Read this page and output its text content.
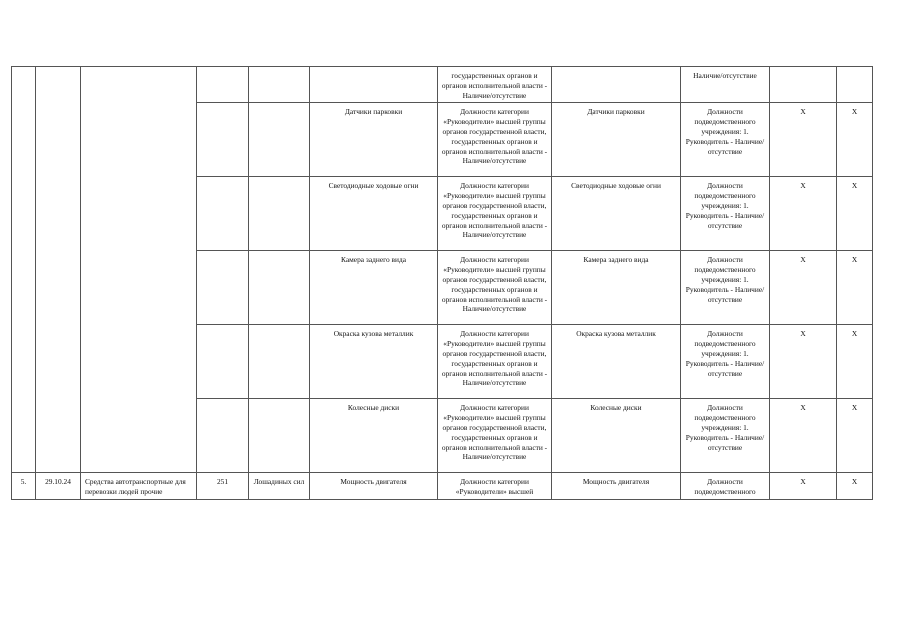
						государственных органов и органов исполнительной власти - Наличие/отсутствие		Наличие/отсутствие		
					Датчики парковки	Должности категории «Руководители» высшей группы органов государственной власти, государственных органов и органов исполнительной власти - Наличие/отсутствие	Датчики парковки	Должности подведомственного учреждения: 1. Руководитель - Наличие/отсутствие	Х	Х
					Светодиодные ходовые огни	Должности категории «Руководители» высшей группы органов государственной власти, государственных органов и органов исполнительной власти - Наличие/отсутствие	Светодиодные ходовые огни	Должности подведомственного учреждения: 1. Руководитель - Наличие/отсутствие	Х	Х
					Камера заднего вида	Должности категории «Руководители» высшей группы органов государственной власти, государственных органов и органов исполнительной власти - Наличие/отсутствие	Камера заднего вида	Должности подведомственного учреждения: 1. Руководитель - Наличие/отсутствие	Х	Х
					Окраска кузова металлик	Должности категории «Руководители» высшей группы органов государственной власти, государственных органов и органов исполнительной власти - Наличие/отсутствие	Окраска кузова металлик	Должности подведомственного учреждения: 1. Руководитель - Наличие/отсутствие	Х	Х
					Колесные диски	Должности категории «Руководители» высшей группы органов государственной власти, государственных органов и органов исполнительной власти - Наличие/отсутствие	Колесные диски	Должности подведомственного учреждения: 1. Руководитель - Наличие/отсутствие	Х	Х
5.	29.10.24	Средства автотранспортные для перевозки людей прочие	251	Лошадиных сил	Мощность двигателя	Должности категории «Руководители» высшей	Мощность двигателя	Должности подведомственного	Х	Х
